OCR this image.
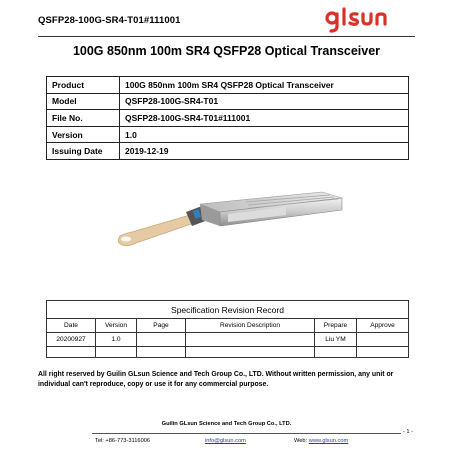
QSFP28-100G-SR4-T01#111001
100G 850nm 100m SR4 QSFP28 Optical Transceiver
Product	100G 850nm 100m SR4 QSFP28 Optical Transceiver
Model	QSFP28-100G-SR4-T01
File No.	QSFP28-100G-SR4-T01#111001
Version	1.0
Issuing Date	2019-12-19
Specification Revision Record					
Date	Version	Page	Revision Description	Prepare	Approve
20200927	1.0			Liu YM	

All right reserved by Guilin GLsun Science and Tech Group Co., LTD. Without written permission, any unit or individual can't reproduce, copy or use it for any commercial purpose.
Guilin GLsun Science and Tech Group Co., LTD.
- 1 -
Tel: +86-773-3116006	info@glsun.com	Web: www.glsun.com
